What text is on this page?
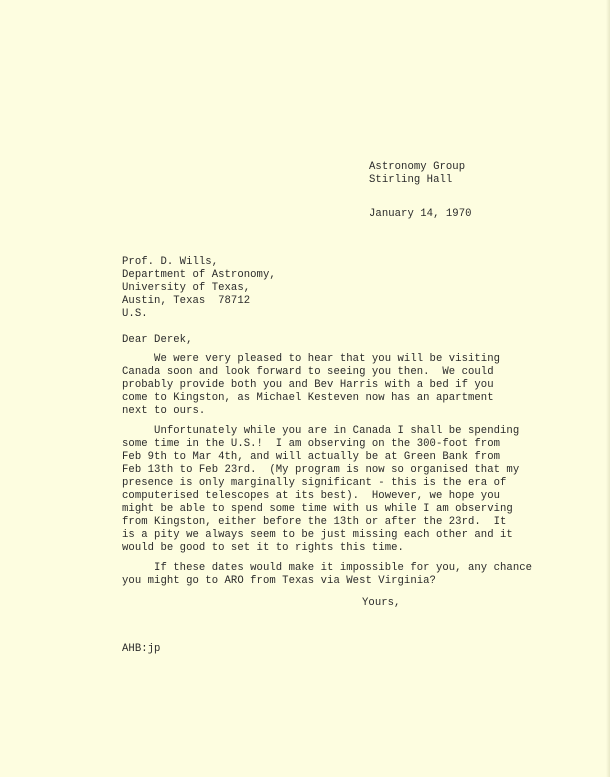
Astronomy Group
Stirling Hall
January 14, 1970
Prof. D. Wills,
Department of Astronomy,
University of Texas,
Austin, Texas  78712
U.S.
Dear Derek,
We were very pleased to hear that you will be visiting
Canada soon and look forward to seeing you then.  We could
probably provide both you and Bev Harris with a bed if you
come to Kingston, as Michael Kesteven now has an apartment
next to ours.
Unfortunately while you are in Canada I shall be spending
some time in the U.S.!  I am observing on the 300-foot from
Feb 9th to Mar 4th, and will actually be at Green Bank from
Feb 13th to Feb 23rd.  (My program is now so organised that my
presence is only marginally significant - this is the era of
computerised telescopes at its best).  However, we hope you
might be able to spend some time with us while I am observing
from Kingston, either before the 13th or after the 23rd.  It
is a pity we always seem to be just missing each other and it
would be good to set it to rights this time.
If these dates would make it impossible for you, any chance
you might go to ARO from Texas via West Virginia?
Yours,
AHB:jp
